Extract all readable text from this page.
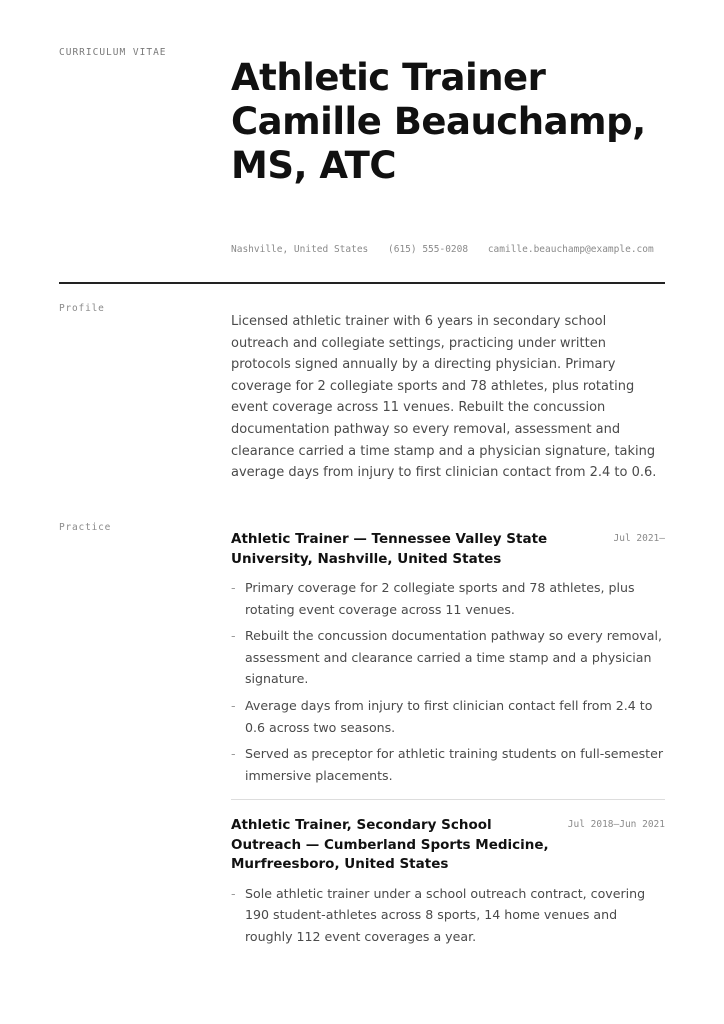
CURRICULUM VITAE
Athletic Trainer Camille Beauchamp, MS, ATC
Nashville, United States (615) 555-0208 camille.beauchamp@example.com
Profile

Licensed athletic trainer with 6 years in secondary school outreach and collegiate settings, practicing under written protocols signed annually by a directing physician. Primary coverage for 2 collegiate sports and 78 athletes, plus rotating event coverage across 11 venues. Rebuilt the concussion documentation pathway so every removal, assessment and clearance carried a time stamp and a physician signature, taking average days from injury to first clinician contact from 2.4 to 0.6.

Practice
Athletic Trainer — Tennessee Valley State University, Nashville, United States
Jul 2021–
- Primary coverage for 2 collegiate sports and 78 athletes, plus rotating event coverage across 11 venues.
- Rebuilt the concussion documentation pathway so every removal, assessment and clearance carried a time stamp and a physician signature.
- Average days from injury to first clinician contact fell from 2.4 to 0.6 across two seasons.
- Served as preceptor for athletic training students on full-semester immersive placements.
Athletic Trainer, Secondary School Outreach — Cumberland Sports Medicine, Murfreesboro, United States
Jul 2018–Jun 2021
- Sole athletic trainer under a school outreach contract, covering 190 student-athletes across 8 sports, 14 home venues and roughly 112 event coverages a year.
